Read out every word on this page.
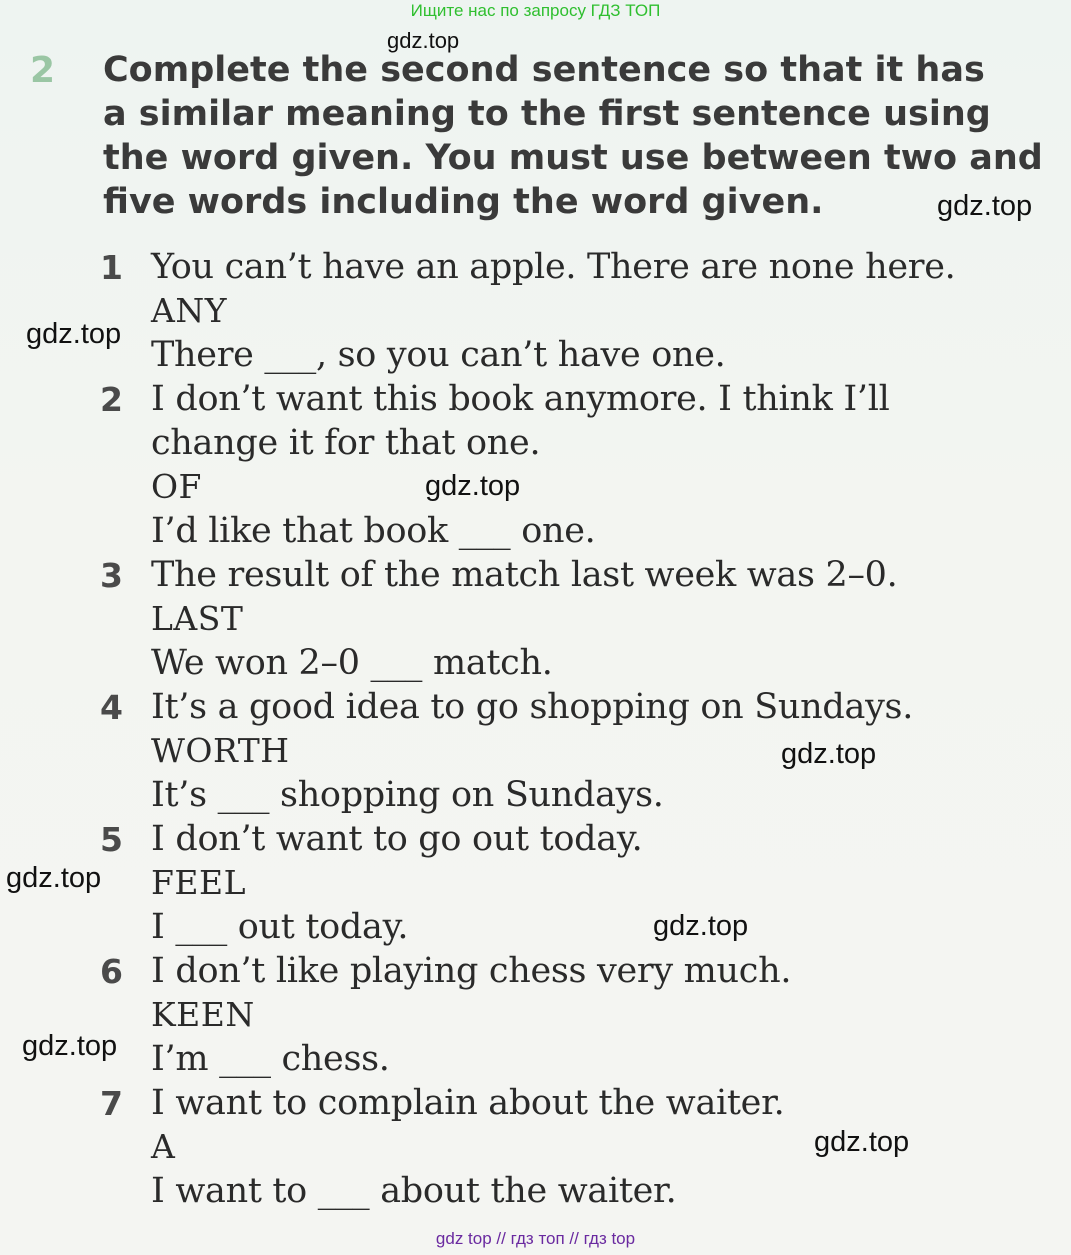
Ищите нас по запросу ГДЗ ТОП
2 Complete the second sentence so that it has
a similar meaning to the first sentence using
the word given. You must use between two and
five words including the word given.
1 You can’t have an apple. There are none here.
ANY
There ___, so you can’t have one.
2 I don’t want this book anymore. I think I’ll
change it for that one.
OF
I’d like that book ___ one.
3 The result of the match last week was 2–0.
LAST
We won 2–0 ___ match.
4 It’s a good idea to go shopping on Sundays.
WORTH
It’s ___ shopping on Sundays.
5 I don’t want to go out today.
FEEL
I ___ out today.
6 I don’t like playing chess very much.
KEEN
I’m ___ chess.
7 I want to complain about the waiter.
A
I want to ___ about the waiter.
gdz.top
gdz.top
gdz.top
gdz.top
gdz.top
gdz.top
gdz.top
gdz.top
gdz.top
gdz top // гдз топ // гдз top
